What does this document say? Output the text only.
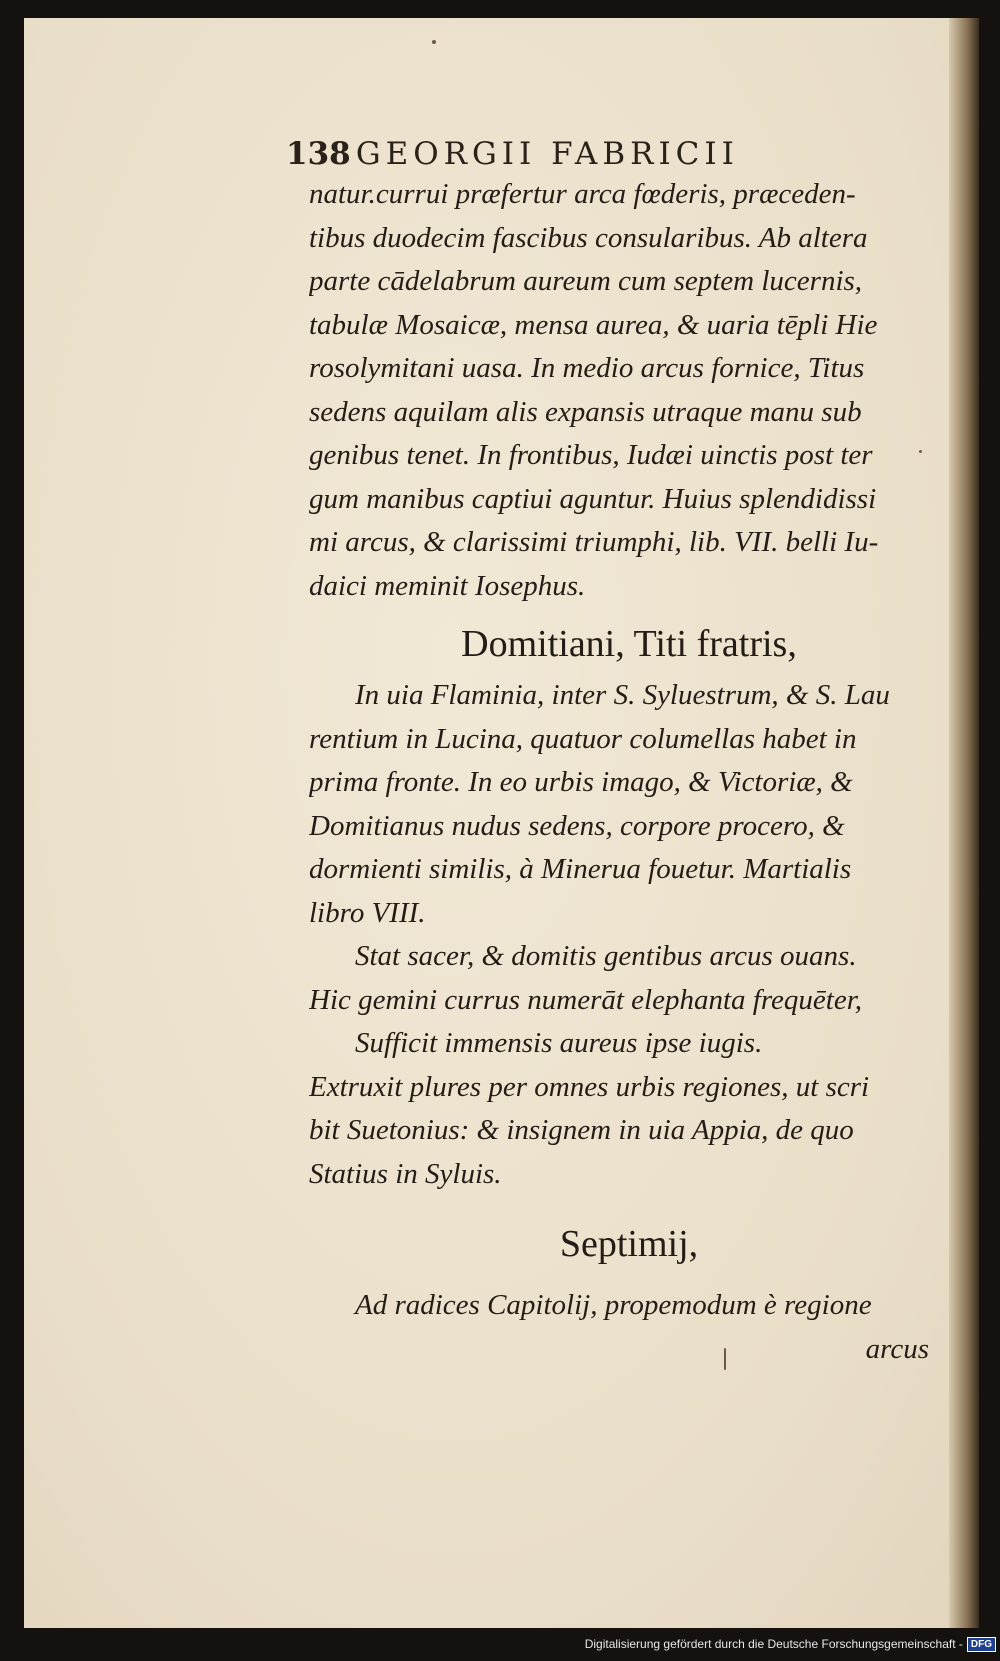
138 GEORGII FABRICII
natur.currui præfertur arca fœderis, præceden-
tibus duodecim fascibus consularibus. Ab altera
parte cādelabrum aureum cum septem lucernis,
tabulæ Mosaicæ, mensa aurea, & uaria tēpli Hie
rosolymitani uasa. In medio arcus fornice, Titus
sedens aquilam alis expansis utraque manu sub
genibus tenet. In frontibus, Iudæi uinctis post ter
gum manibus captiui aguntur. Huius splendidissi
mi arcus, & clarissimi triumphi, lib. VII. belli Iu-
daici meminit Iosephus.
Domitiani, Titi fratris,
In uia Flaminia, inter S. Syluestrum, & S. Lau
rentium in Lucina, quatuor columellas habet in
prima fronte. In eo urbis imago, & Victoriæ, &
Domitianus nudus sedens, corpore procero, &
dormienti similis, à Minerua fouetur. Martialis
libro VIII.
Stat sacer, & domitis gentibus arcus ouans.
Hic gemini currus numerāt elephanta frequēter,
Sufficit immensis aureus ipse iugis.
Extruxit plures per omnes urbis regiones, ut scri
bit Suetonius: & insignem in uia Appia, de quo
Statius in Syluis.
Septimij,
Ad radices Capitolij, propemodum è regione
arcus
Digitalisierung gefördert durch die Deutsche Forschungsgemeinschaft - DFG
